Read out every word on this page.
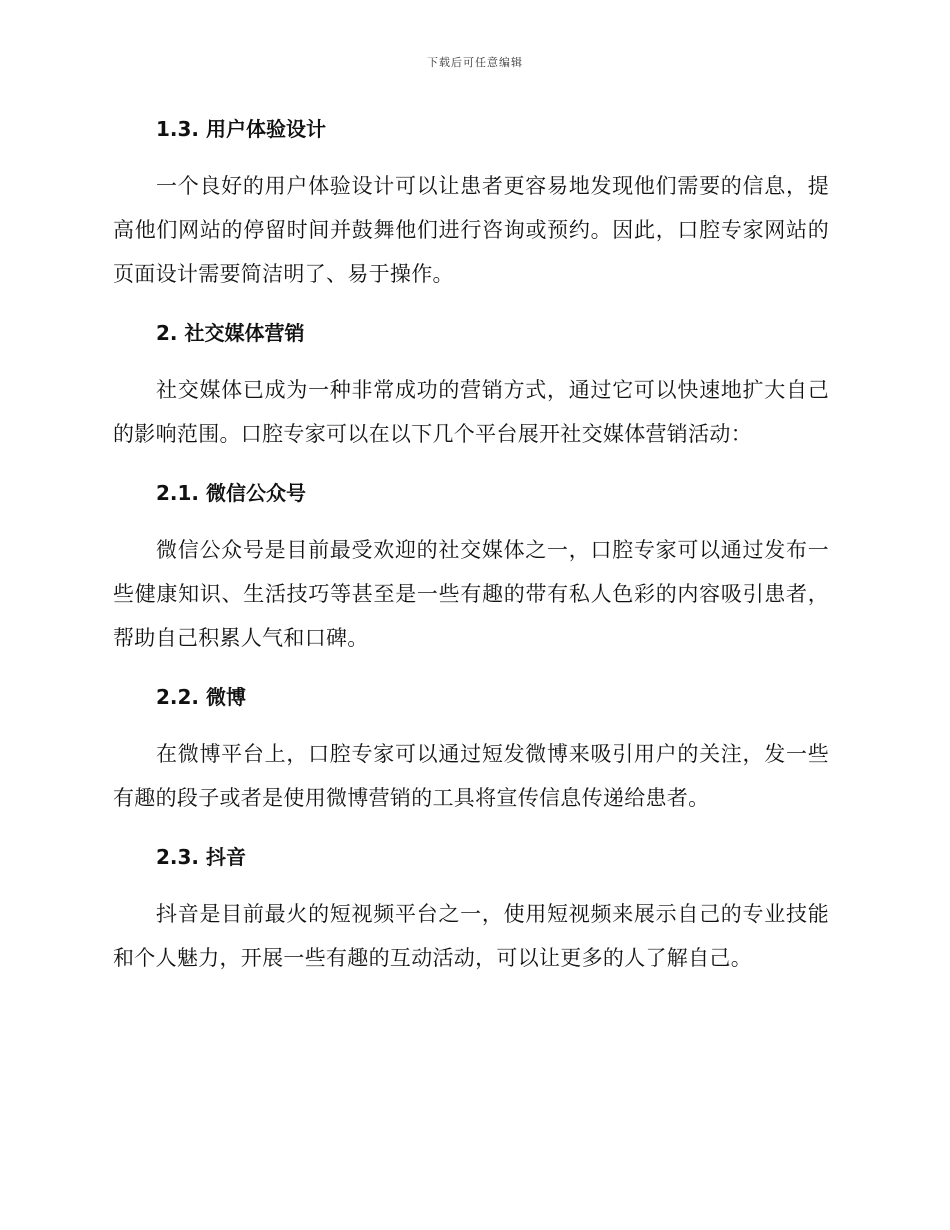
下载后可任意编辑
1.3. 用户体验设计
一个良好的用户体验设计可以让患者更容易地发现他们需要的信息，提
高他们网站的停留时间并鼓舞他们进行咨询或预约。因此，口腔专家网站的
页面设计需要简洁明了、易于操作。
2. 社交媒体营销
社交媒体已成为一种非常成功的营销方式，通过它可以快速地扩大自己
的影响范围。口腔专家可以在以下几个平台展开社交媒体营销活动：
2.1. 微信公众号
微信公众号是目前最受欢迎的社交媒体之一，口腔专家可以通过发布一
些健康知识、生活技巧等甚至是一些有趣的带有私人色彩的内容吸引患者，
帮助自己积累人气和口碑。
2.2. 微博
在微博平台上，口腔专家可以通过短发微博来吸引用户的关注，发一些
有趣的段子或者是使用微博营销的工具将宣传信息传递给患者。
2.3. 抖音
抖音是目前最火的短视频平台之一，使用短视频来展示自己的专业技能
和个人魅力，开展一些有趣的互动活动，可以让更多的人了解自己。
